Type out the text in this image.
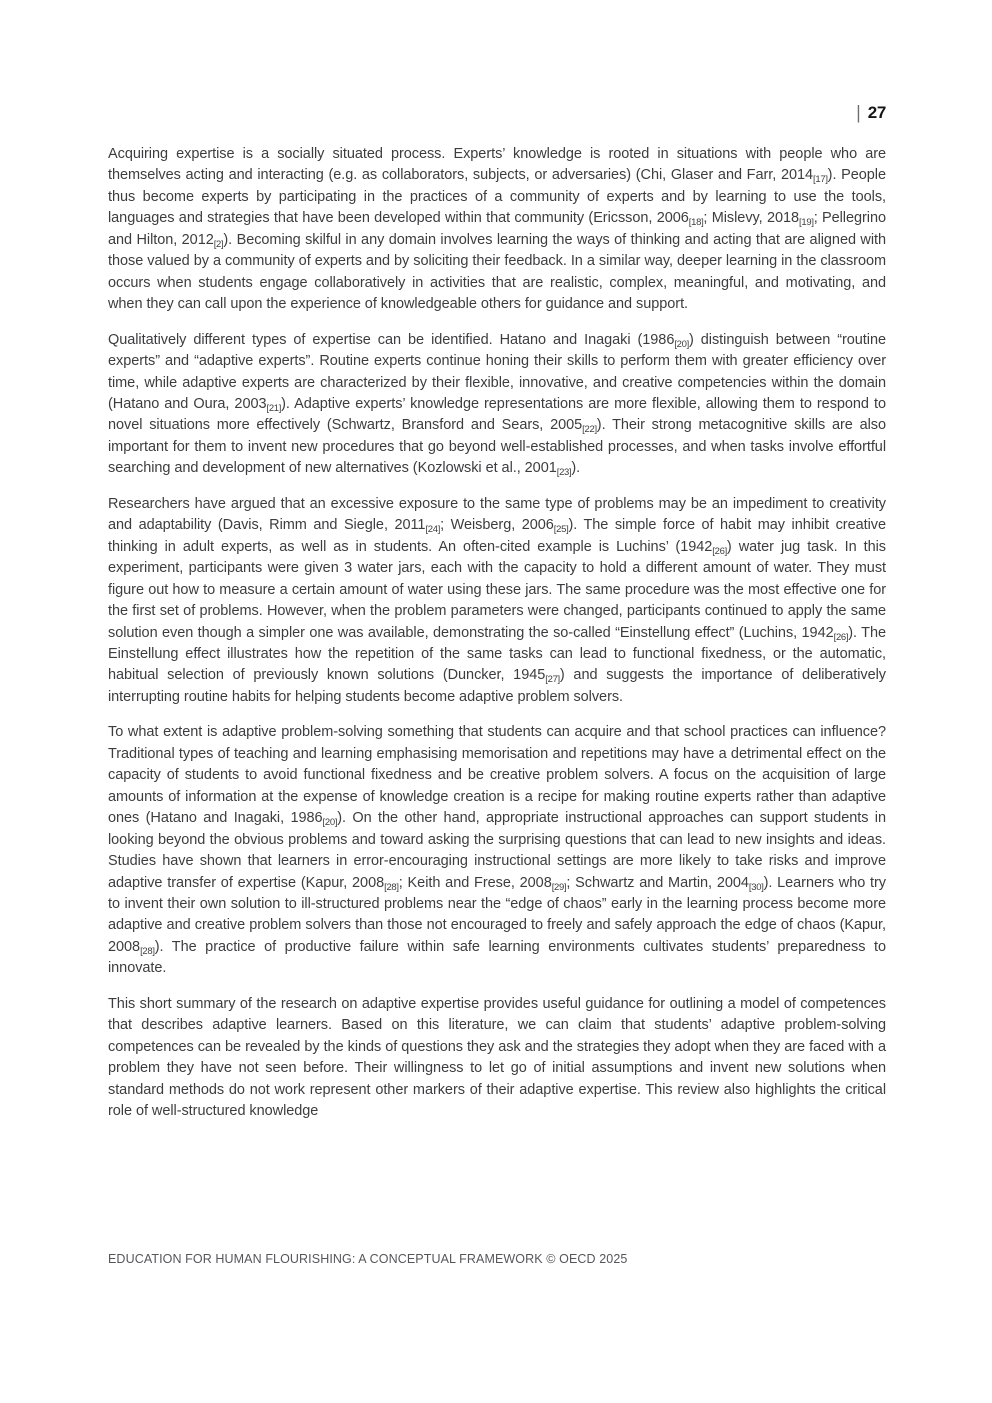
| 27

Acquiring expertise is a socially situated process. Experts’ knowledge is rooted in situations with people who are themselves acting and interacting (e.g. as collaborators, subjects, or adversaries) (Chi, Glaser and Farr, $2014_{[17]}$). People thus become experts by participating in the practices of a community of experts and by learning to use the tools, languages and strategies that have been developed within that community (Ericsson, $2006_{[18]}$; Mislevy, $2018_{[19]}$; Pellegrino and Hilton, $2012_{[2]}$). Becoming skilful in any domain involves learning the ways of thinking and acting that are aligned with those valued by a community of experts and by soliciting their feedback. In a similar way, deeper learning in the classroom occurs when students engage collaboratively in activities that are realistic, complex, meaningful, and motivating, and when they can call upon the experience of knowledgeable others for guidance and support.

Qualitatively different types of expertise can be identified. Hatano and Inagaki $(1986_{[20]})$ distinguish between “routine experts” and “adaptive experts”. Routine experts continue honing their skills to perform them with greater efficiency over time, while adaptive experts are characterized by their flexible, innovative, and creative competencies within the domain (Hatano and Oura, $2003_{[21]}$). Adaptive experts’ knowledge representations are more flexible, allowing them to respond to novel situations more effectively (Schwartz, Bransford and Sears, $2005_{[22]}$). Their strong metacognitive skills are also important for them to invent new procedures that go beyond well-established processes, and when tasks involve effortful searching and development of new alternatives (Kozlowski et al., $2001_{[23]}$).

Researchers have argued that an excessive exposure to the same type of problems may be an impediment to creativity and adaptability (Davis, Rimm and Siegle, $2011_{[24]}$; Weisberg, $2006_{[25]}$). The simple force of habit may inhibit creative thinking in adult experts, as well as in students. An often-cited example is Luchins’ $(1942_{[26]})$ water jug task. In this experiment, participants were given 3 water jars, each with the capacity to hold a different amount of water. They must figure out how to measure a certain amount of water using these jars. The same procedure was the most effective one for the first set of problems. However, when the problem parameters were changed, participants continued to apply the same solution even though a simpler one was available, demonstrating the so-called “Einstellung effect” (Luchins, $1942_{[26]}$). The Einstellung effect illustrates how the repetition of the same tasks can lead to functional fixedness, or the automatic, habitual selection of previously known solutions (Duncker, $1945_{[27]}$) and suggests the importance of deliberatively interrupting routine habits for helping students become adaptive problem solvers.

To what extent is adaptive problem-solving something that students can acquire and that school practices can influence? Traditional types of teaching and learning emphasising memorisation and repetitions may have a detrimental effect on the capacity of students to avoid functional fixedness and be creative problem solvers. A focus on the acquisition of large amounts of information at the expense of knowledge creation is a recipe for making routine experts rather than adaptive ones (Hatano and Inagaki, $1986_{[20]}$). On the other hand, appropriate instructional approaches can support students in looking beyond the obvious problems and toward asking the surprising questions that can lead to new insights and ideas. Studies have shown that learners in error-encouraging instructional settings are more likely to take risks and improve adaptive transfer of expertise (Kapur, $2008_{[28]}$; Keith and Frese, $2008_{[29]}$; Schwartz and Martin, $2004_{[30]}$). Learners who try to invent their own solution to ill-structured problems near the “edge of chaos” early in the learning process become more adaptive and creative problem solvers than those not encouraged to freely and safely approach the edge of chaos (Kapur, $2008_{[28]}$). The practice of productive failure within safe learning environments cultivates students’ preparedness to innovate.

This short summary of the research on adaptive expertise provides useful guidance for outlining a model of competences that describes adaptive learners. Based on this literature, we can claim that students’ adaptive problem-solving competences can be revealed by the kinds of questions they ask and the strategies they adopt when they are faced with a problem they have not seen before. Their willingness to let go of initial assumptions and invent new solutions when standard methods do not work represent other markers of their adaptive expertise. This review also highlights the critical role of well-structured knowledge

EDUCATION FOR HUMAN FLOURISHING: A CONCEPTUAL FRAMEWORK © OECD 2025
